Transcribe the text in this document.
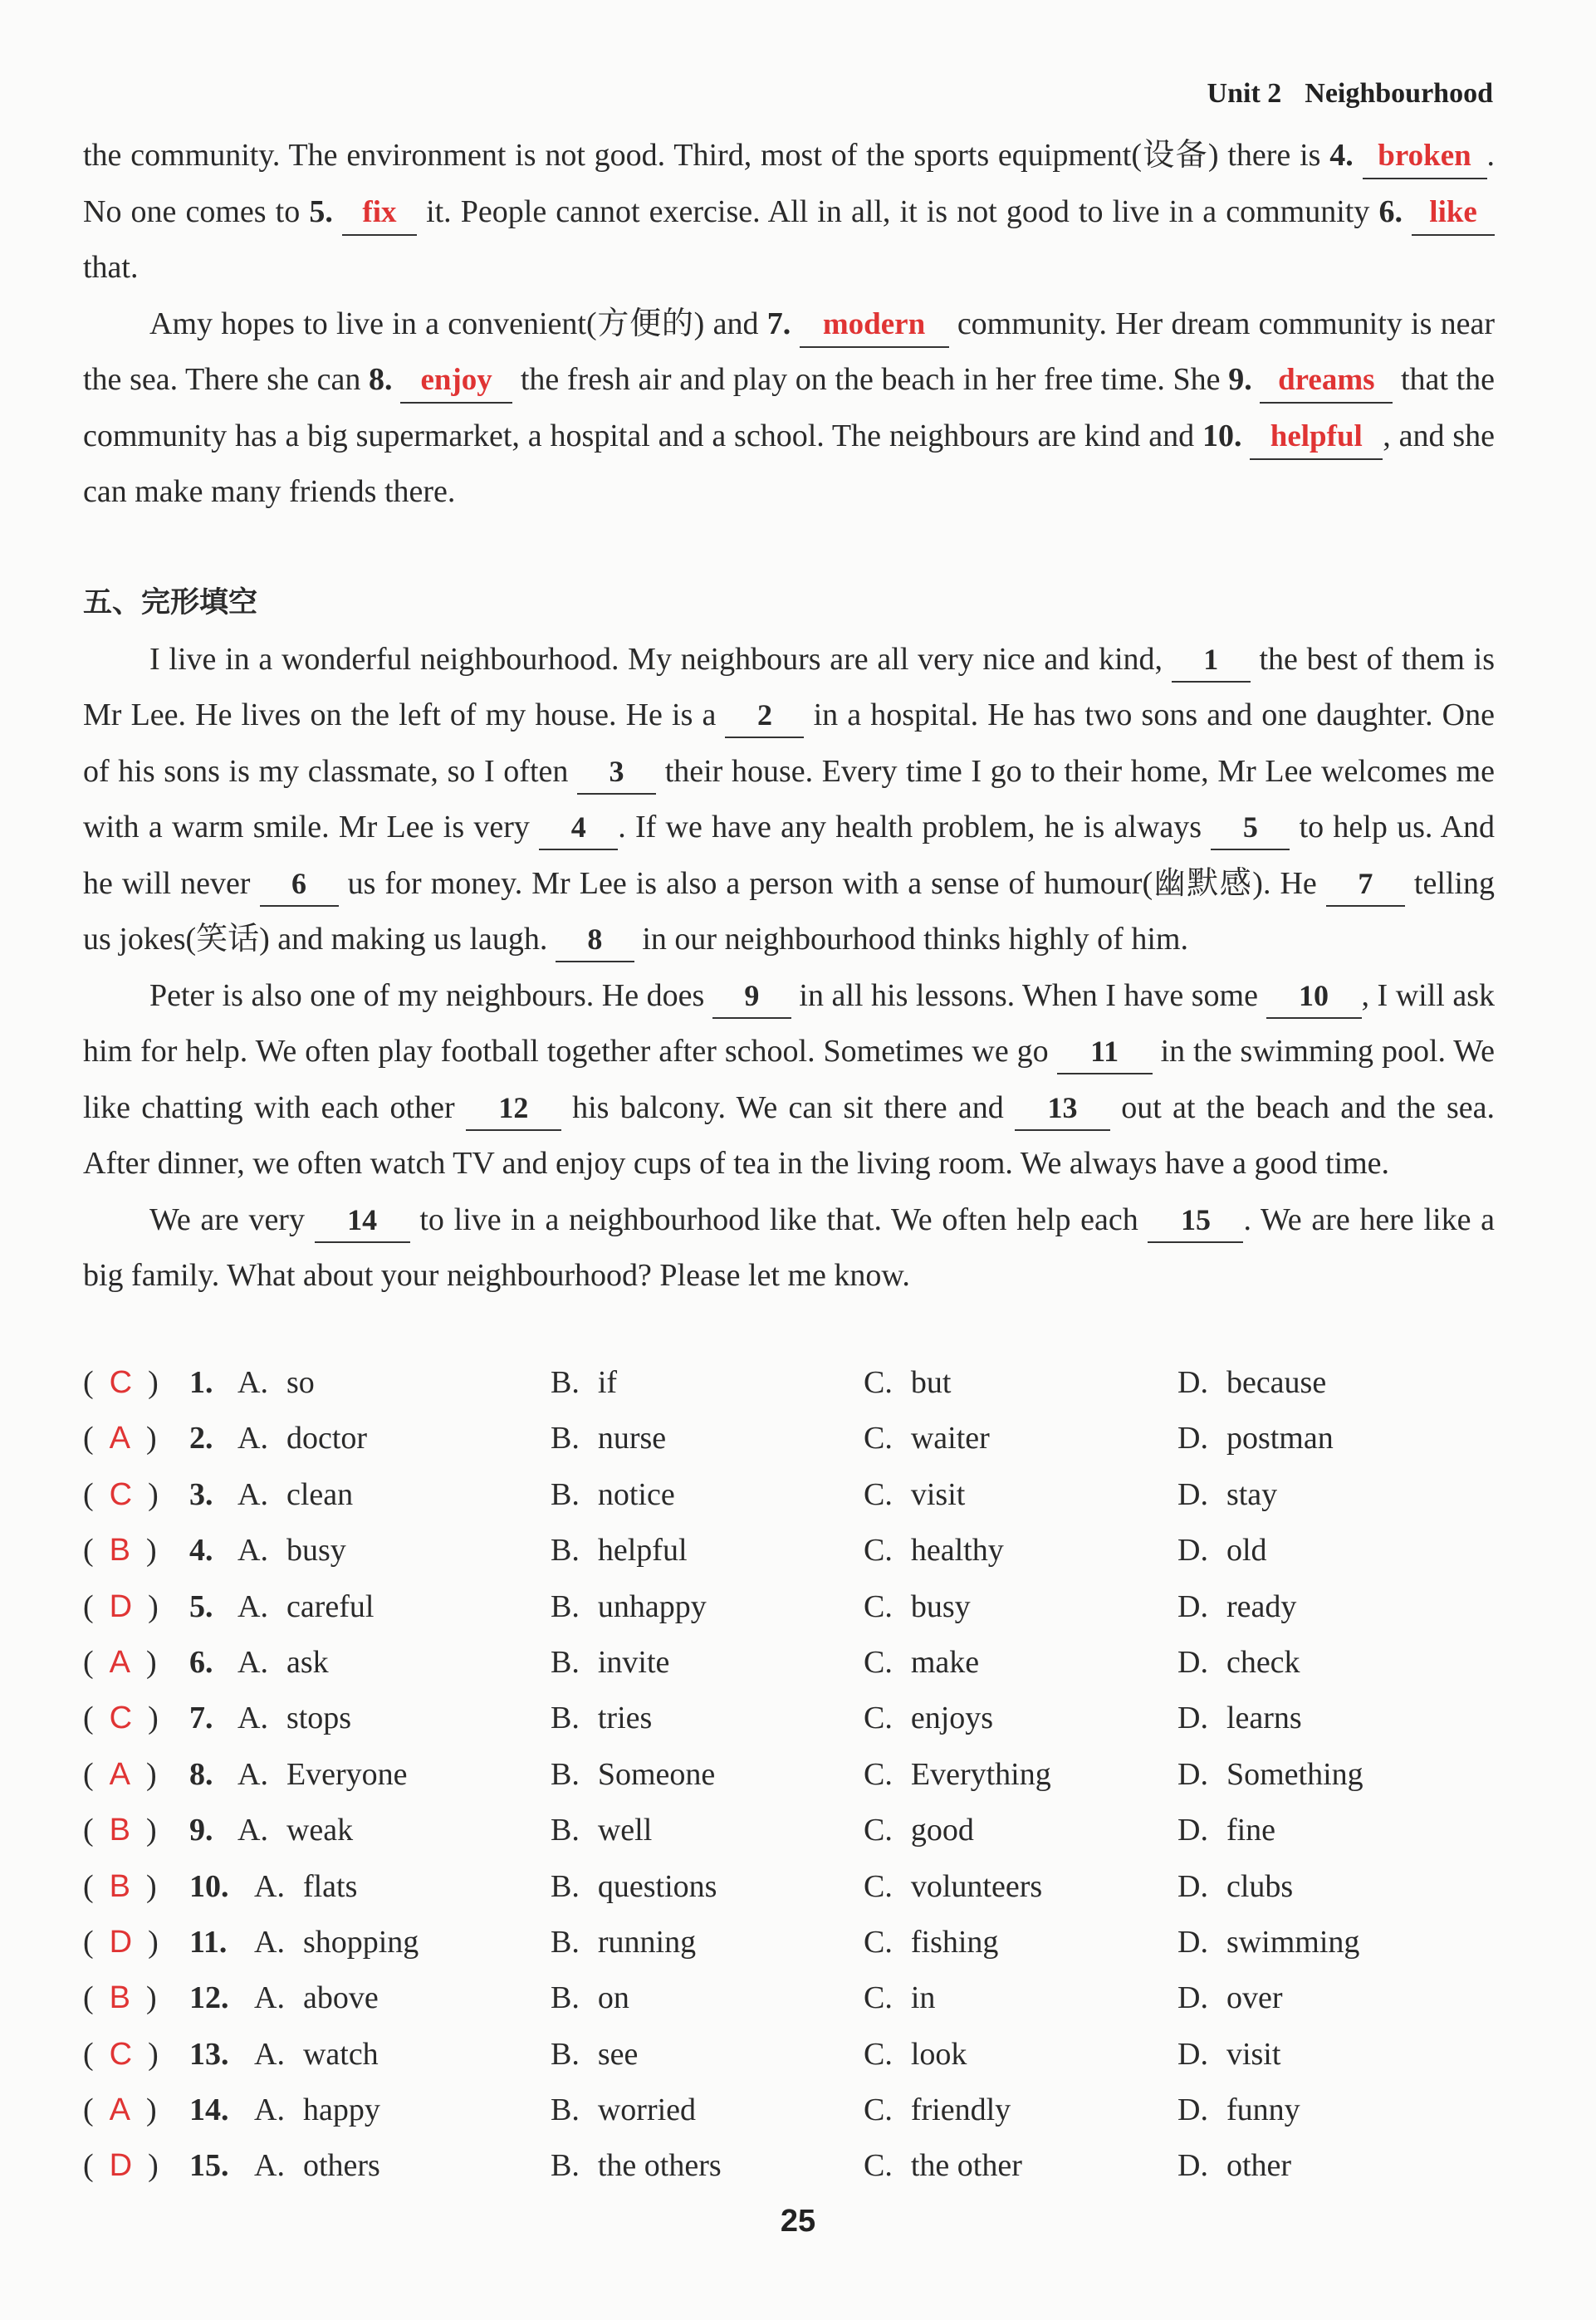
Unit 2 Neighbourhood

the community. The environment is not good. Third, most of the sports equipment(设备) there is 4. broken . No one comes to 5. fix it. People cannot exercise. All in all, it is not good to live in a community 6. like that.

Amy hopes to live in a convenient(方便的) and 7. modern community. Her dream community is near the sea. There she can 8. enjoy the fresh air and play on the beach in her free time. She 9. dreams that the community has a big supermarket, a hospital and a school. The neighbours are kind and 10. helpful , and she can make many friends there.

五、完形填空

I live in a wonderful neighbourhood. My neighbours are all very nice and kind, 1 the best of them is Mr Lee. He lives on the left of my house. He is a 2 in a hospital. He has two sons and one daughter. One of his sons is my classmate, so I often 3 their house. Every time I go to their home, Mr Lee welcomes me with a warm smile. Mr Lee is very 4 . If we have any health problem, he is always 5 to help us. And he will never 6 us for money. Mr Lee is also a person with a sense of humour(幽默感). He 7 telling us jokes(笑话) and making us laugh. 8 in our neighbourhood thinks highly of him.

Peter is also one of my neighbours. He does 9 in all his lessons. When I have some 10 , I will ask him for help. We often play football together after school. Sometimes we go 11 in the swimming pool. We like chatting with each other 12 his balcony. We can sit there and 13 out at the beach and the sea. After dinner, we often watch TV and enjoy cups of tea in the living room. We always have a good time.

We are very 14 to live in a neighbourhood like that. We often help each 15 . We are here like a big family. What about your neighbourhood? Please let me know.

( C ) 1. A. so	B. if	C. but	D. because
( A ) 2. A. doctor	B. nurse	C. waiter	D. postman
( C ) 3. A. clean	B. notice	C. visit	D. stay
( B ) 4. A. busy	B. helpful	C. healthy	D. old
( D ) 5. A. careful	B. unhappy	C. busy	D. ready
( A ) 6. A. ask	B. invite	C. make	D. check
( C ) 7. A. stops	B. tries	C. enjoys	D. learns
( A ) 8. A. Everyone	B. Someone	C. Everything	D. Something
( B ) 9. A. weak	B. well	C. good	D. fine
( B ) 10. A. flats	B. questions	C. volunteers	D. clubs
( D ) 11. A. shopping	B. running	C. fishing	D. swimming
( B ) 12. A. above	B. on	C. in	D. over
( C ) 13. A. watch	B. see	C. look	D. visit
( A ) 14. A. happy	B. worried	C. friendly	D. funny
( D ) 15. A. others	B. the others	C. the other	D. other
25
